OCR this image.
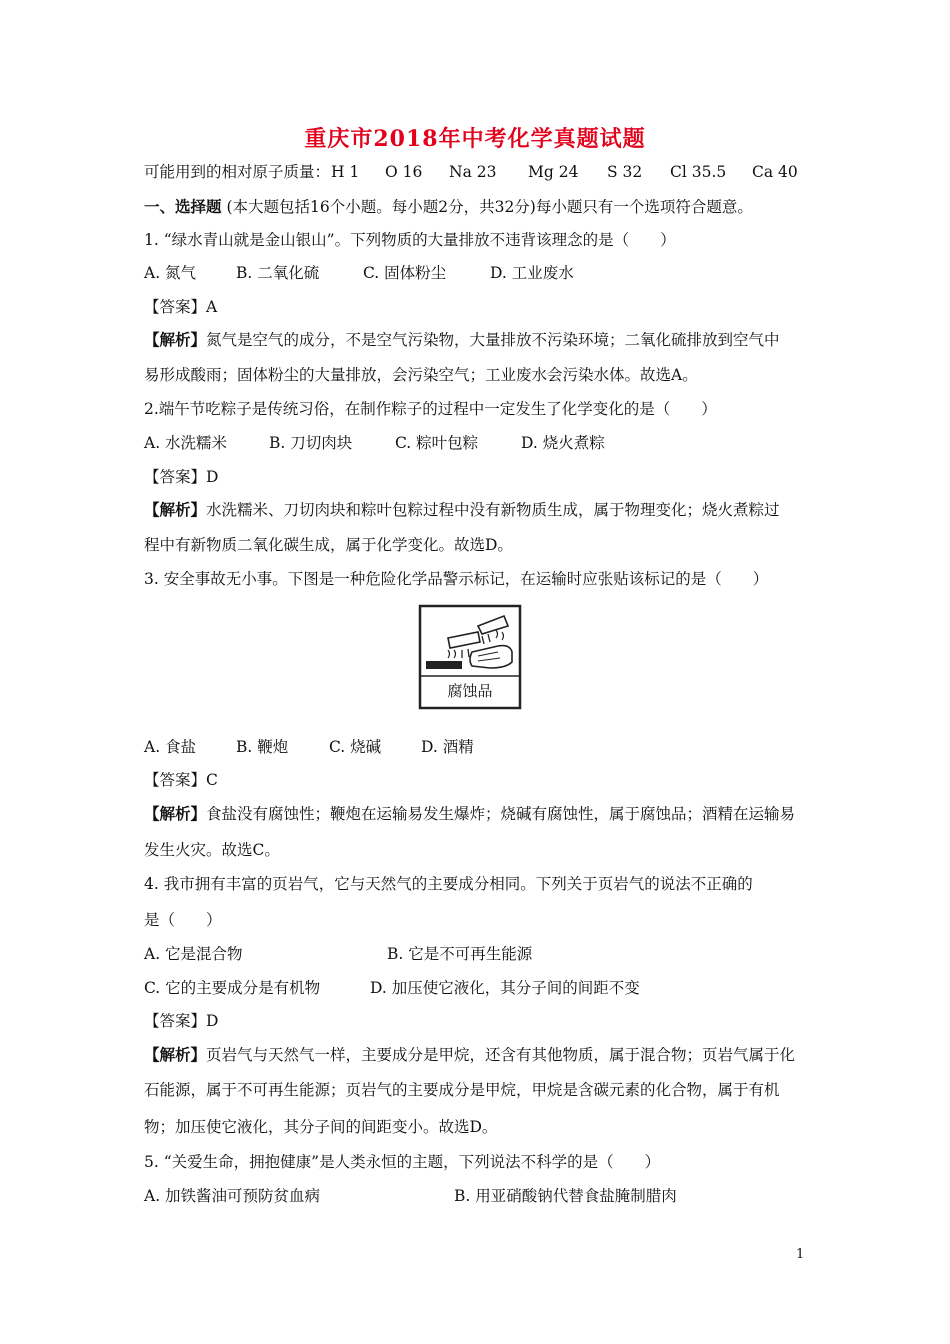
重庆市2018年中考化学真题试题
可能用到的相对原子质量：H 1 O 16 Na 23 Mg 24 S 32 Cl 35.5 Ca 40
一、选择题 (本大题包括16个小题。每小题2分，共32分)每小题只有一个选项符合题意。
1. “绿水青山就是金山银山”。下列物质的大量排放不违背该理念的是（　　）
A. 氮气	B. 二氧化硫	C. 固体粉尘	D. 工业废水
【答案】A
【解析】氮气是空气的成分，不是空气污染物，大量排放不污染环境；二氧化硫排放到空气中
易形成酸雨；固体粉尘的大量排放，会污染空气；工业废水会污染水体。故选A。
2.端午节吃粽子是传统习俗，在制作粽子的过程中一定发生了化学变化的是（　　）
A. 水洗糯米	B. 刀切肉块	C. 粽叶包粽	D. 烧火煮粽
【答案】D
【解析】水洗糯米、刀切肉块和粽叶包粽过程中没有新物质生成，属于物理变化；烧火煮粽过
程中有新物质二氧化碳生成，属于化学变化。故选D。
3. 安全事故无小事。下图是一种危险化学品警示标记，在运输时应张贴该标记的是（　　）
腐蚀品
A. 食盐	B. 鞭炮	C. 烧碱	D. 酒精
【答案】C
【解析】食盐没有腐蚀性；鞭炮在运输易发生爆炸；烧碱有腐蚀性，属于腐蚀品；酒精在运输易
发生火灾。故选C。
4. 我市拥有丰富的页岩气，它与天然气的主要成分相同。下列关于页岩气的说法不正确的
是（　　）
A. 它是混合物	B. 它是不可再生能源
C. 它的主要成分是有机物	D. 加压使它液化，其分子间的间距不变
【答案】D
【解析】页岩气与天然气一样，主要成分是甲烷，还含有其他物质，属于混合物；页岩气属于化
石能源，属于不可再生能源；页岩气的主要成分是甲烷，甲烷是含碳元素的化合物，属于有机
物；加压使它液化，其分子间的间距变小。故选D。
5. “关爱生命，拥抱健康”是人类永恒的主题，下列说法不科学的是（　　）
A. 加铁酱油可预防贫血病	B. 用亚硝酸钠代替食盐腌制腊肉
1
